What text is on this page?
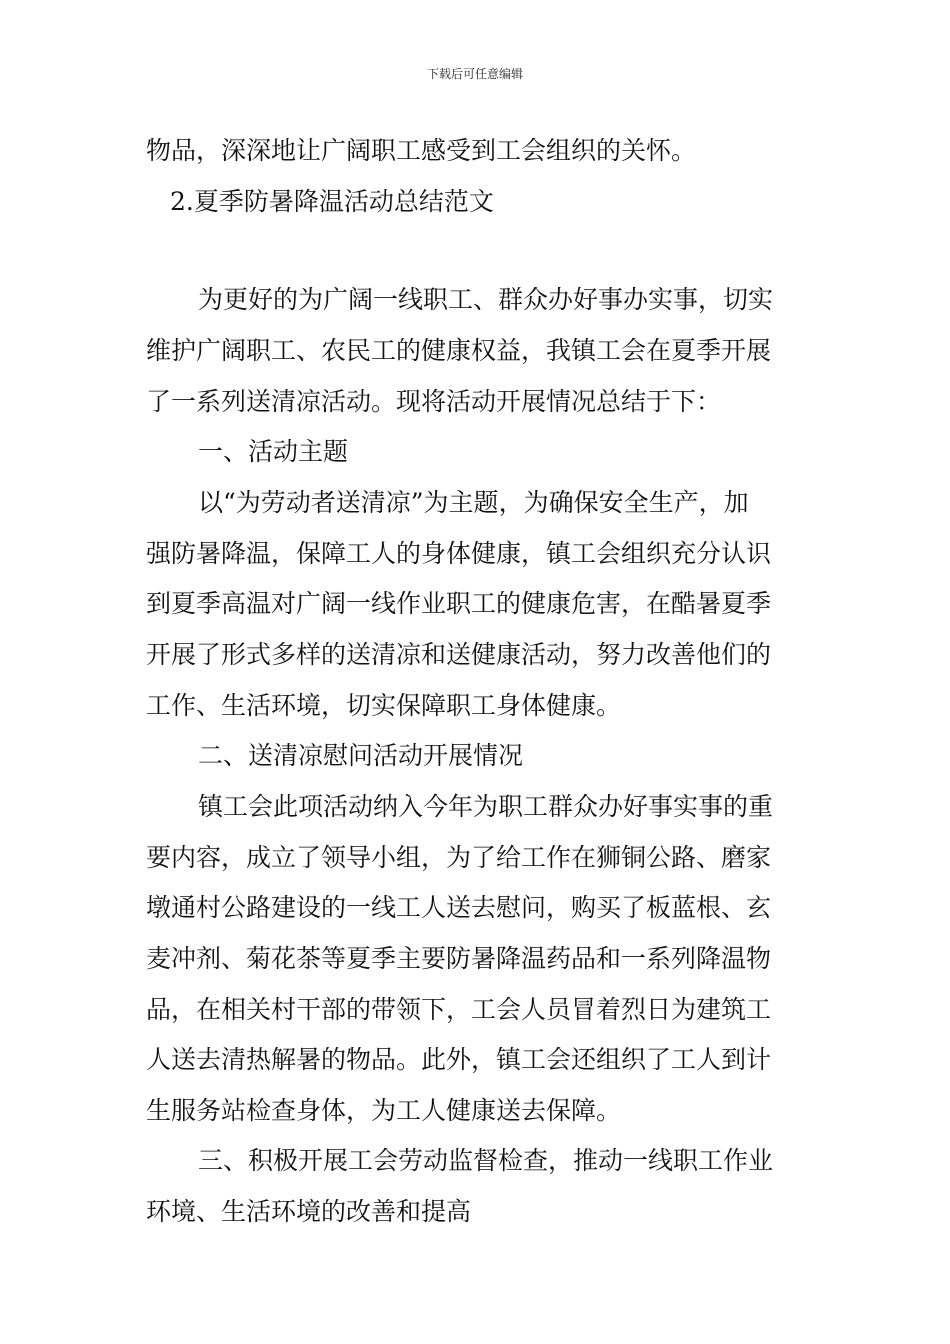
下载后可任意编辑
物品，深深地让广阔职工感受到工会组织的关怀。
2.夏季防暑降温活动总结范文
为更好的为广阔一线职工、群众办好事办实事，切实
维护广阔职工、农民工的健康权益，我镇工会在夏季开展
了一系列送清凉活动。现将活动开展情况总结于下：
一、活动主题
以“为劳动者送清凉”为主题，为确保安全生产，加
强防暑降温，保障工人的身体健康，镇工会组织充分认识
到夏季高温对广阔一线作业职工的健康危害，在酷暑夏季
开展了形式多样的送清凉和送健康活动，努力改善他们的
工作、生活环境，切实保障职工身体健康。
二、送清凉慰问活动开展情况
镇工会此项活动纳入今年为职工群众办好事实事的重
要内容，成立了领导小组，为了给工作在狮铜公路、磨家
墩通村公路建设的一线工人送去慰问，购买了板蓝根、玄
麦冲剂、菊花茶等夏季主要防暑降温药品和一系列降温物
品，在相关村干部的带领下，工会人员冒着烈日为建筑工
人送去清热解暑的物品。此外，镇工会还组织了工人到计
生服务站检查身体，为工人健康送去保障。
三、积极开展工会劳动监督检查，推动一线职工作业
环境、生活环境的改善和提高
